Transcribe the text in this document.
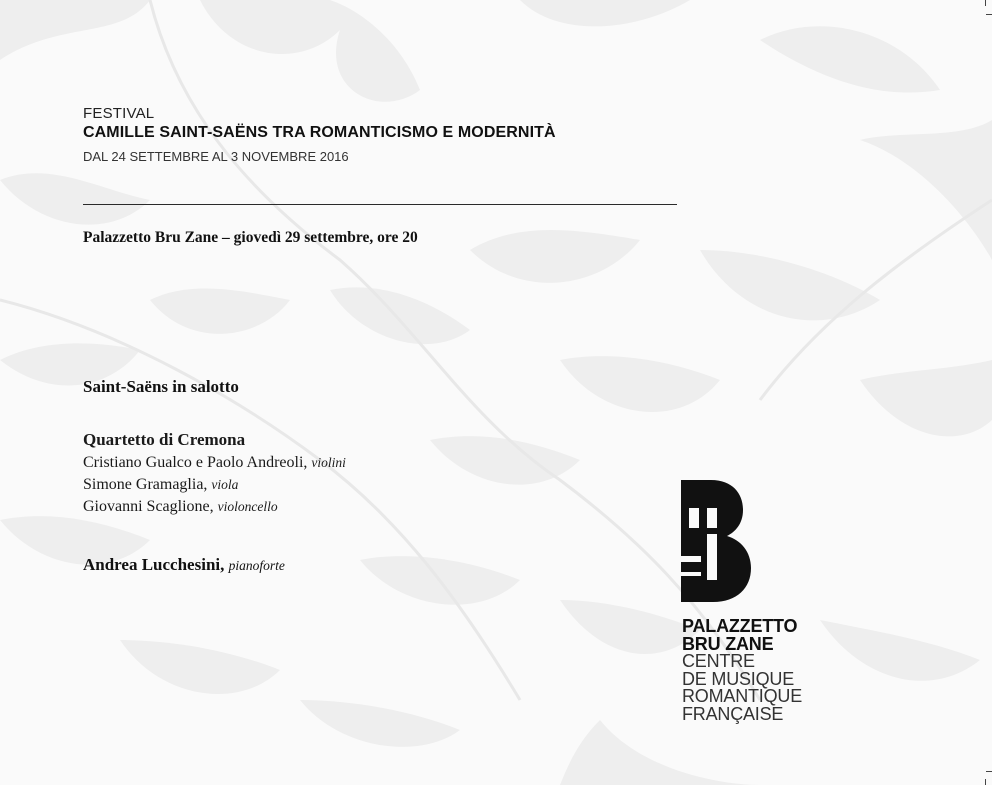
FESTIVAL
CAMILLE SAINT-SAËNS TRA ROMANTICISMO E MODERNITÀ
DAL 24 SETTEMBRE AL 3 NOVEMBRE 2016
Palazzetto Bru Zane – giovedì 29 settembre, ore 20
Saint-Saëns in salotto
Quartetto di Cremona
Cristiano Gualco e Paolo Andreoli, violini
Simone Gramaglia, viola
Giovanni Scaglione, violoncello
Andrea Lucchesini, pianoforte
PALAZZETTO
BRU ZANE
CENTRE
DE MUSIQUE
ROMANTIQUE
FRANÇAISE
